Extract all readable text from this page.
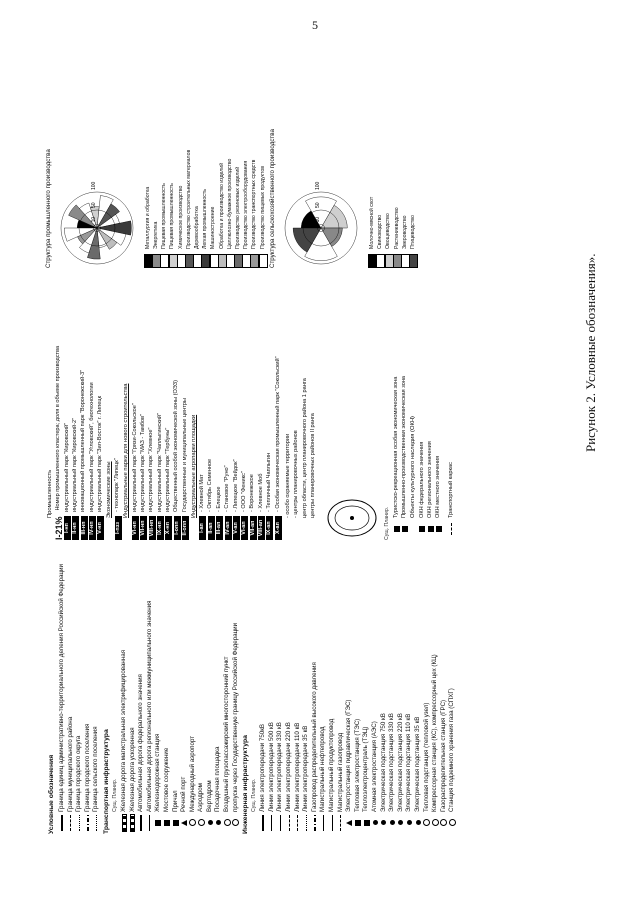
5
Условные обозначения Граница единиц административно-территориального деления Российской Федерации Граница муниципального района Граница городского округа Граница городского поселения Граница сельского поселения Транспортная инфраструктура Сущ. Планир. Железная дорога магистральная электрифицированная Железная дорога ускоренная Автомобильная дорога федерального значения Автомобильная дорога регионального или межмуниципального значения Железнодорожная станция Мостовое сооружение Причал Речной порт Международный аэропорт Аэродром Вертодром Посадочная площадка Воздушный грузопассажирский многосторонний пункт пропуска через Государственную границу Российской Федерации Инженерная инфраструктура Сущ. Планир. Линия электропередачи 750кВ Линии электропередачи 500 кВ Линии электропередачи 330 кВ Линии электропередачи 220 кВ Линии электропередачи 110 кВ Линии электропередачи 35 кВ Газопровод распределительный высокого давления Магистральный нефтепровод Магистральный продуктопровод Магистральный газопровод Электростанция гидравлическая (ГЭС) Тепловая электростанция (ТЭС) Теплоэлектроцентраль (ТЭЦ) Атомная электростанция (АЭС) Электрическая подстанция 750 кВ Электрическая подстанция 330 кВ Электрическая подстанция 220 кВ Электрическая подстанция 110 кВ Электрическая подстанция 35 кВ Тепловая подстанция (тепловой узел) Компрессорная станция (КС), компрессорный цех (КЦ) Газораспределительная станция (ГРС) Станция подземного хранения газа (СПХГ)
Промышленность
I-21%
Номер промышленного кластера; доля в объеме производства
I-нп
индустриальный парк "Кировский"
II-нп
индустриальный парк "Кировский-2"
III-нп
инновационный промышленный парк "Воронежский-3"
IV-нп
индустриальный парк "Угловский", биотехнологии
V-нп
индустриальный парк "Зил-Восток" г. Липецк Экономические зоны
I-пзз
- технопарк "Липецк" Индустриальные парки для нового строительства
VI-нп
индустриальный парк "Грязи-Сокольское"
VII-нп
индустриальный парк "МАЗ - Тамбов"
VIII-нп
индустриальный парк "Хлевное"
IX-нп
индустриальный парк "Чаплыгинский"
X-нп
индустриальный парк "Тербуны"
I-опп
Общественный особой экономической зоны (ОЭЗ)
II-опп
Государственные и муниципальные центры Индустриальные агропарки площадки
I-ап
- Хлевной Мат
II-ап
- Октябрь Семенное
III-ап
- Елецкое
IV-ап
- Становое "Руно"
V-ап
- Липецкое "Вейдок"
VI-ап
- ООО "Феникс"
VII-ап
- Воронежское
VIII-ап
- Хлевное Моб
IX-ап
- Тепличный Чаплыгин
X-ап
- Особая экономическая промышленный парк "Сокольский" - особо охраняемые территории - центры планировочных районов центр области, центр планировочного района 1 ранга центры планировочных районов II ранга
Сущ. Планир.
Туристско-рекреационная особая экономическая зона Промышленно-производственная экономическая зона Объекты культурного наследия (ОКН) ОКН федерального значения ОКН регионального значения ОКН местного значения Транспортный каркас
Структура промышленного производства	100
50
10	Металлургия и обработка Энергетика Пищевая промышленность Пищевая промышленность Химическое производство Производство строительных материалов Деревообработка Легкая промышленность Машиностроение Обработка и производство изделий Целлюлозно-бумажное производство Производство резиновых изделий Производство электрооборудования Производство транспортных средств Производство пищевых продуктов Структура сельскохозяйственного производства	100
50
10	Молочно-мясной скот Свиноводство Овощеводство Растениеводство Звероводство Птицеводство
Рисунок 2. Условные обозначения».
